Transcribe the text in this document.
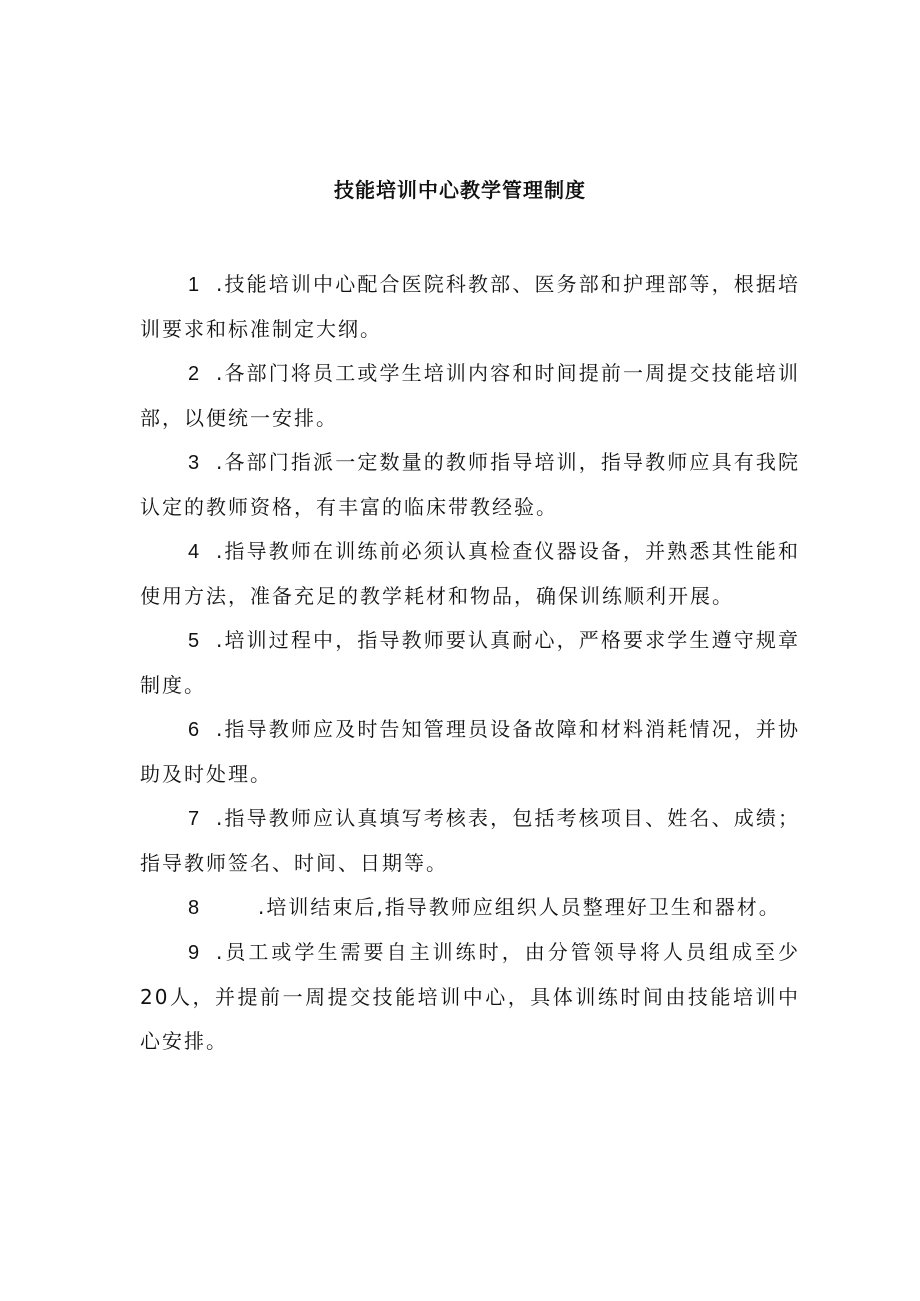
技能培训中心教学管理制度

1 .技能培训中心配合医院科教部、医务部和护理部等，根据培训要求和标准制定大纲。

2 .各部门将员工或学生培训内容和时间提前一周提交技能培训部，以便统一安排。

3 .各部门指派一定数量的教师指导培训，指导教师应具有我院认定的教师资格，有丰富的临床带教经验。

4 .指导教师在训练前必须认真检查仪器设备，并熟悉其性能和使用方法，准备充足的教学耗材和物品，确保训练顺利开展。

5 .培训过程中，指导教师要认真耐心，严格要求学生遵守规章制度。

6 .指导教师应及时告知管理员设备故障和材料消耗情况，并协助及时处理。

7 .指导教师应认真填写考核表，包括考核项目、姓名、成绩；指导教师签名、时间、日期等。

8	.培训结束后,指导教师应组织人员整理好卫生和器材。

9 .员工或学生需要自主训练时，由分管领导将人员组成至少20人，并提前一周提交技能培训中心，具体训练时间由技能培训中心安排。
